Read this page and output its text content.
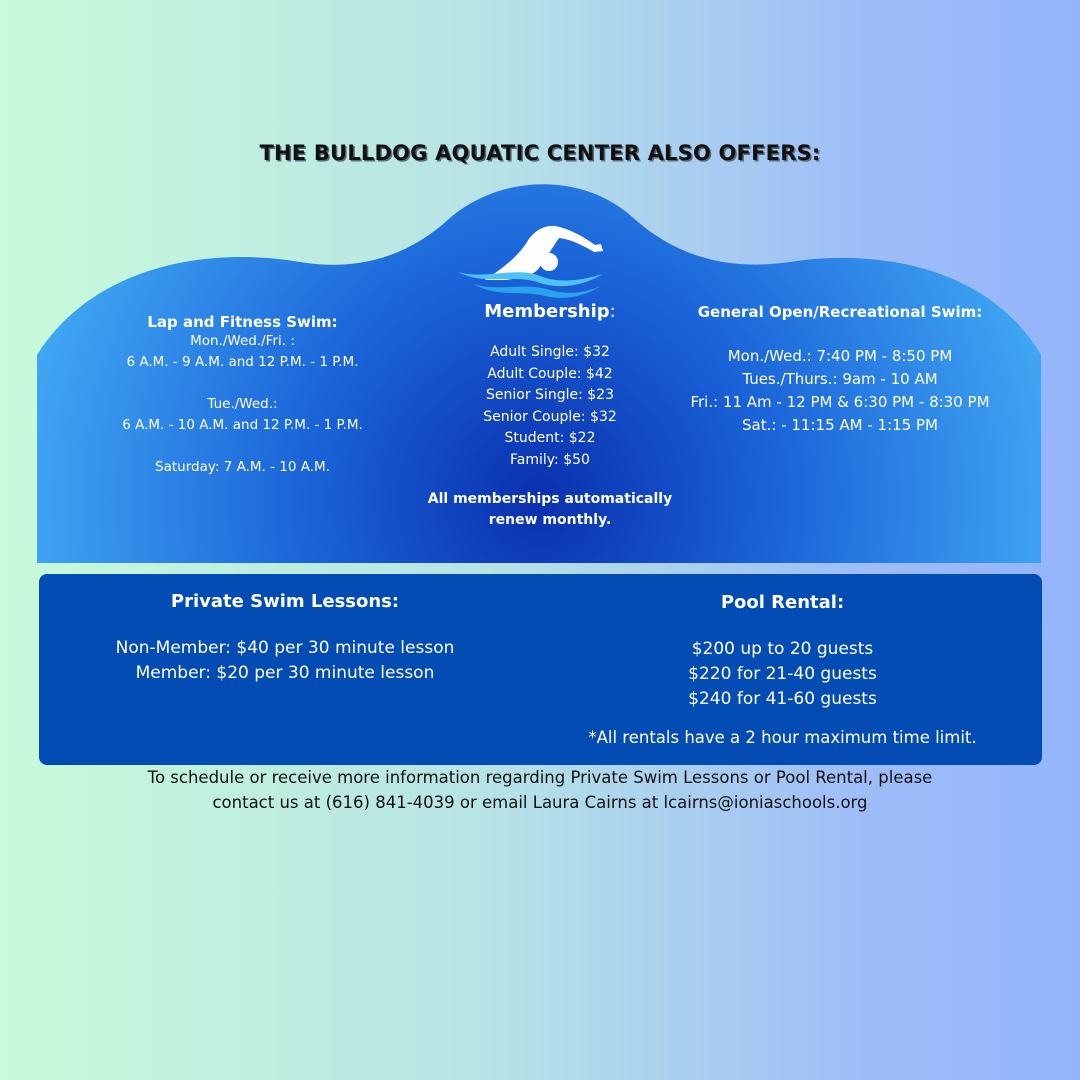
THE BULLDOG AQUATIC CENTER ALSO OFFERS:
Lap and Fitness Swim:
Mon./Wed./Fri. :
6 A.M. - 9 A.M. and 12 P.M. - 1 P.M.
Tue./Wed.:
6 A.M. - 10 A.M. and 12 P.M. - 1 P.M.
Saturday: 7 A.M. - 10 A.M.
Membership:
Adult Single: $32
Adult Couple: $42
Senior Single: $23
Senior Couple: $32
Student: $22
Family: $50
All memberships automatically
renew monthly.
General Open/Recreational Swim:
Mon./Wed.: 7:40 PM - 8:50 PM
Tues./Thurs.: 9am - 10 AM
Fri.: 11 Am - 12 PM & 6:30 PM - 8:30 PM
Sat.: - 11:15 AM - 1:15 PM
Private Swim Lessons:
Non-Member: $40 per 30 minute lesson
Member: $20 per 30 minute lesson
Pool Rental:
$200 up to 20 guests
$220 for 21-40 guests
$240 for 41-60 guests
*All rentals have a 2 hour maximum time limit.
To schedule or receive more information regarding Private Swim Lessons or Pool Rental, please
contact us at (616) 841-4039 or email Laura Cairns at lcairns@ioniaschools.org
